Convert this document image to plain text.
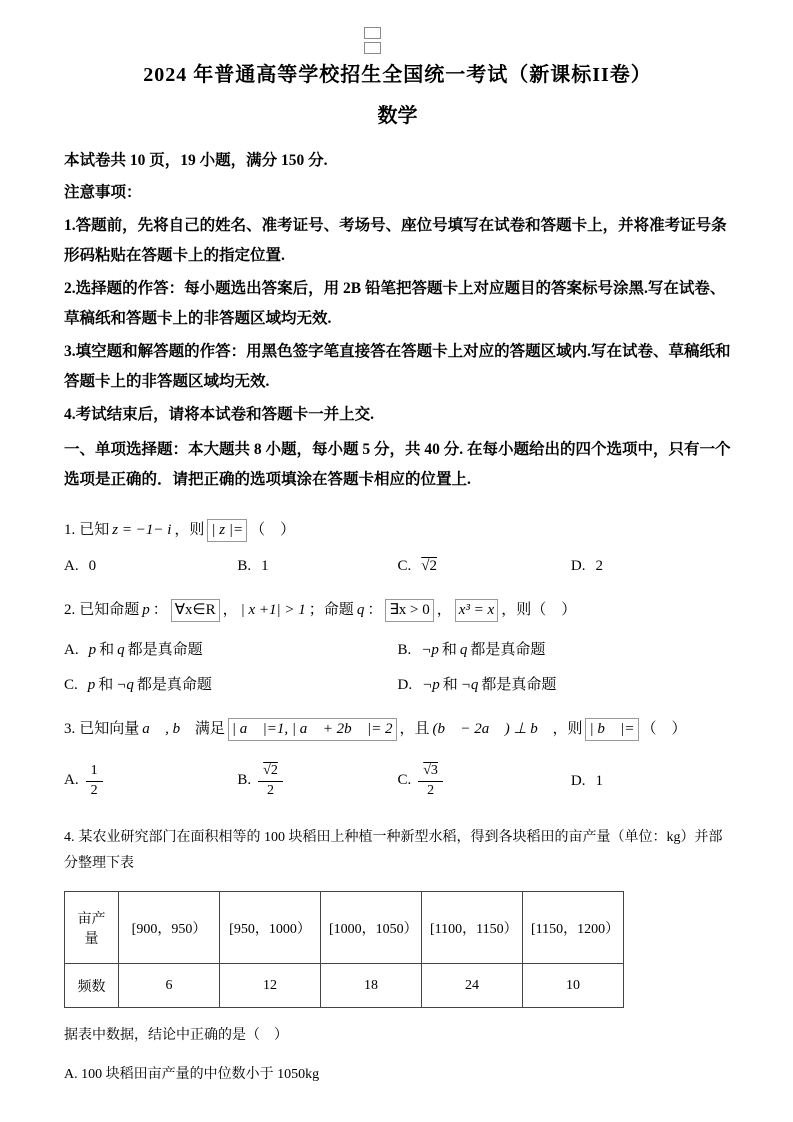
2024 年普通高等学校招生全国统一考试（新课标II卷）
数学

本试卷共 10 页，19 小题，满分 150 分.

注意事项：

1.答题前，先将自己的姓名、准考证号、考场号、座位号填写在试卷和答题卡上，并将准考证号条形码粘贴在答题卡上的指定位置.

2.选择题的作答：每小题选出答案后，用 2B 铅笔把答题卡上对应题目的答案标号涂黑.写在试卷、草稿纸和答题卡上的非答题区域均无效.

3.填空题和解答题的作答：用黑色签字笔直接答在答题卡上对应的答题区域内.写在试卷、草稿纸和答题卡上的非答题区域均无效.

4.考试结束后，请将本试卷和答题卡一并上交.

一、单项选择题：本大题共 8 小题，每小题 5 分，共 40 分. 在每小题给出的四个选项中，只有一个选项是正确的．请把正确的选项填涂在答题卡相应的位置上.

1. 已知 z = −1− i ，则 | z |= （　）

A. 0	B. 1	C. √2	D. 2

2. 已知命题 p ： ∀x∈R ， | x +1| > 1 ；命题 q ： ∃x > 0 ， x³ = x ，则（　）

A. p 和 q 都是真命题	B. ¬p 和 q 都是真命题
C. p 和 ¬q 都是真命题	D. ¬p 和 ¬q 都是真命题

3. 已知向量 a⃗ , b⃗ 满足 | a⃗ |=1, | a⃗ + 2b⃗ |= 2 ，且 (b⃗ − 2a⃗ ) ⊥ b⃗ ，则 | b⃗ |= （　）

A. $\frac{1}{2}$	B. $\frac{√2}{2}$	C. $\frac{√3}{2}$	D. 1

4. 某农业研究部门在面积相等的 100 块稻田上种植一种新型水稻，得到各块稻田的亩产量（单位：kg）并部分整理下表

亩产量	[900，950）	[950，1000）	[1000，1050）	[1100，1150）	[1150，1200）
频数	6	12	18	24	10

据表中数据，结论中正确的是（　）

A. 100 块稻田亩产量的中位数小于 1050kg
